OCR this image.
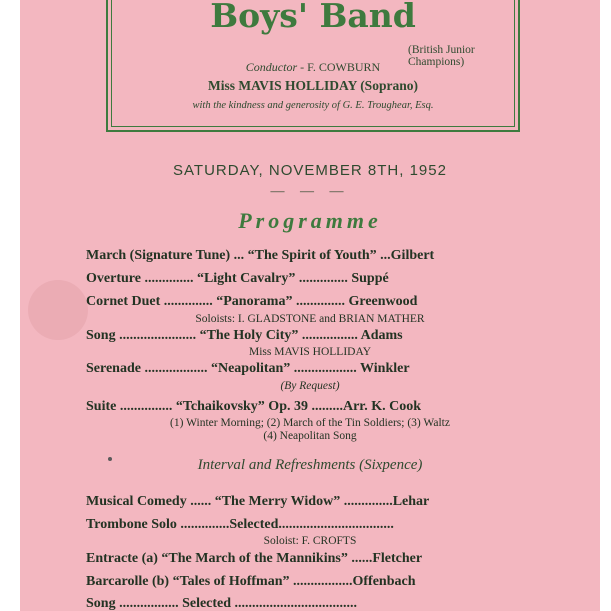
Boys' Band
(British Junior Champions)
Conductor - F. COWBURN
Miss MAVIS HOLLIDAY (Soprano)
with the kindness and generosity of G. E. Troughear, Esq.
SATURDAY, NOVEMBER 8TH, 1952
— — —
Programme
March (Signature Tune) ... “The Spirit of Youth” ...Gilbert
Overture .............. “Light Cavalry” .............. Suppé
Cornet Duet .............. “Panorama” .............. Greenwood
Soloists: I. GLADSTONE and BRIAN MATHER
Song ...................... “The Holy City” ................ Adams
Miss MAVIS HOLLIDAY
Serenade .................. “Neapolitan” .................. Winkler
(By Request)
Suite ............... “Tchaikovsky” Op. 39 .........Arr. K. Cook
(1) Winter Morning; (2) March of the Tin Soldiers; (3) Waltz
(4) Neapolitan Song
Interval and Refreshments (Sixpence)
Musical Comedy ...... “The Merry Widow” ..............Lehar
Trombone Solo ..............Selected.................................
Soloist: F. CROFTS
Entracte (a) “The March of the Mannikins” ......Fletcher
Barcarolle (b) “Tales of Hoffman” .................Offenbach
Song ................. Selected ...................................
